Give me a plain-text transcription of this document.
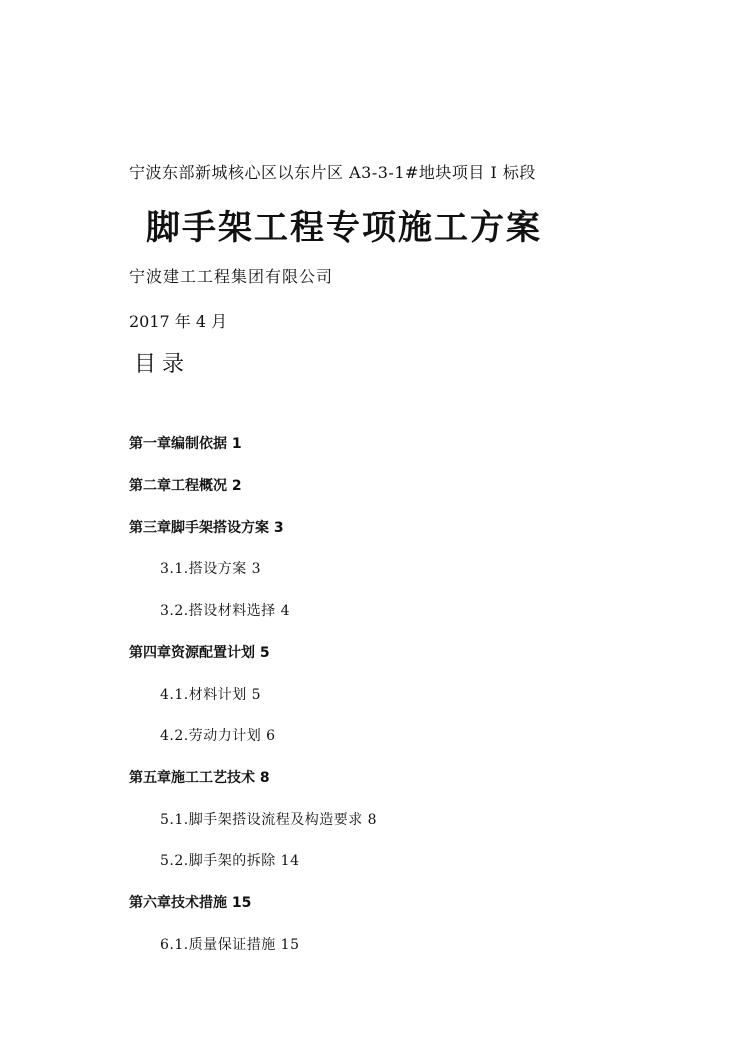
宁波东部新城核心区以东片区 A3-3-1#地块项目 I 标段
脚手架工程专项施工方案
宁波建工工程集团有限公司
2017 年 4 月
目录
第一章编制依据 1
第二章工程概况 2
第三章脚手架搭设方案 3
3.1.搭设方案 3
3.2.搭设材料选择 4
第四章资源配置计划 5
4.1.材料计划 5
4.2.劳动力计划 6
第五章施工工艺技术 8
5.1.脚手架搭设流程及构造要求 8
5.2.脚手架的拆除 14
第六章技术措施 15
6.1.质量保证措施 15
